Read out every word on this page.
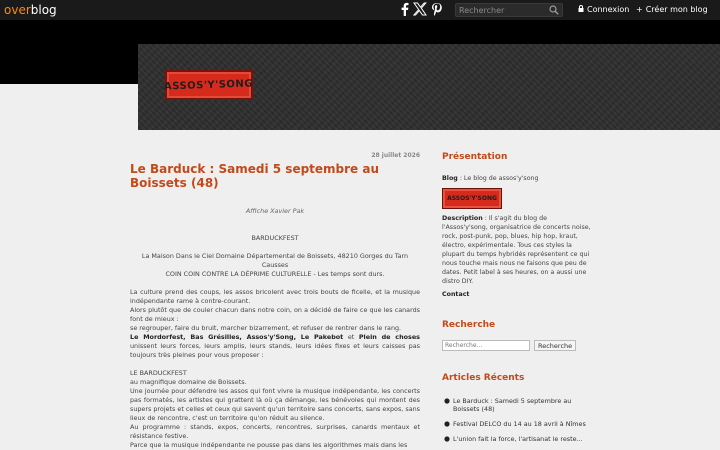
overblog
Rechercher	Connexion + Créer mon blog
ASSOS'Y'SONG
28 juillet 2026
Le Barduck : Samedi 5 septembre au Boissets (48)

Affiche Xavier Pak

BARDUCKFEST

La Maison Dans le Ciel Domaine Départemental de Boissets, 48210 Gorges du Tarn Causses

COIN COIN CONTRE LA DÉPRIME CULTURELLE - Les temps sont durs.

La culture prend des coups, les assos bricolent avec trois bouts de ficelle, et la musique indépendante rame à contre-courant.

Alors plutôt que de couler chacun dans notre coin, on a décidé de faire ce que les canards font de mieux :

se regrouper, faire du bruit, marcher bizarrement, et refuser de rentrer dans le rang.

Le Mordorfest, Bas Grésilles, Assos'y'Song, Le Pakebot et Plein de choses unissent leurs forces, leurs amplis, leurs stands, leurs idées fixes et leurs caisses pas toujours très pleines pour vous proposer :

LE BARDUCKFEST

au magnifique domaine de Boissets.

Une journée pour défendre les assos qui font vivre la musique indépendante, les concerts pas formatés, les artistes qui grattent là où ça démange, les bénévoles qui montent des supers projets et celles et ceux qui savent qu'un territoire sans concerts, sans expos, sans lieux de rencontre, c'est un territoire qu'on réduit au silence.

Au programme : stands, expos, concerts, rencontres, surprises, canards mentaux et résistance festive.

Parce que la musique indépendante ne pousse pas dans les algorithmes mais dans les

Présentation

Blog : Le blog de assos'y'song

ASSOS'Y'SONG

Description : Il s'agit du blog de l'Assos'y'song, organisatrice de concerts noise, rock, post-punk, pop, blues, hip hop, kraut, électro, expérimentale. Tous ces styles la plupart du temps hybridés représentent ce qui nous touche mais nous ne faisons que peu de dates. Petit label à ses heures, on a aussi une distro DIY.

Contact

Recherche
Recherche...
Recherche
Articles Récents
Le Barduck : Samedi 5 septembre au Boissets (48)
Festival DELCO du 14 au 18 avril à Nîmes
L'union fait la force, l'artisanat le reste...
